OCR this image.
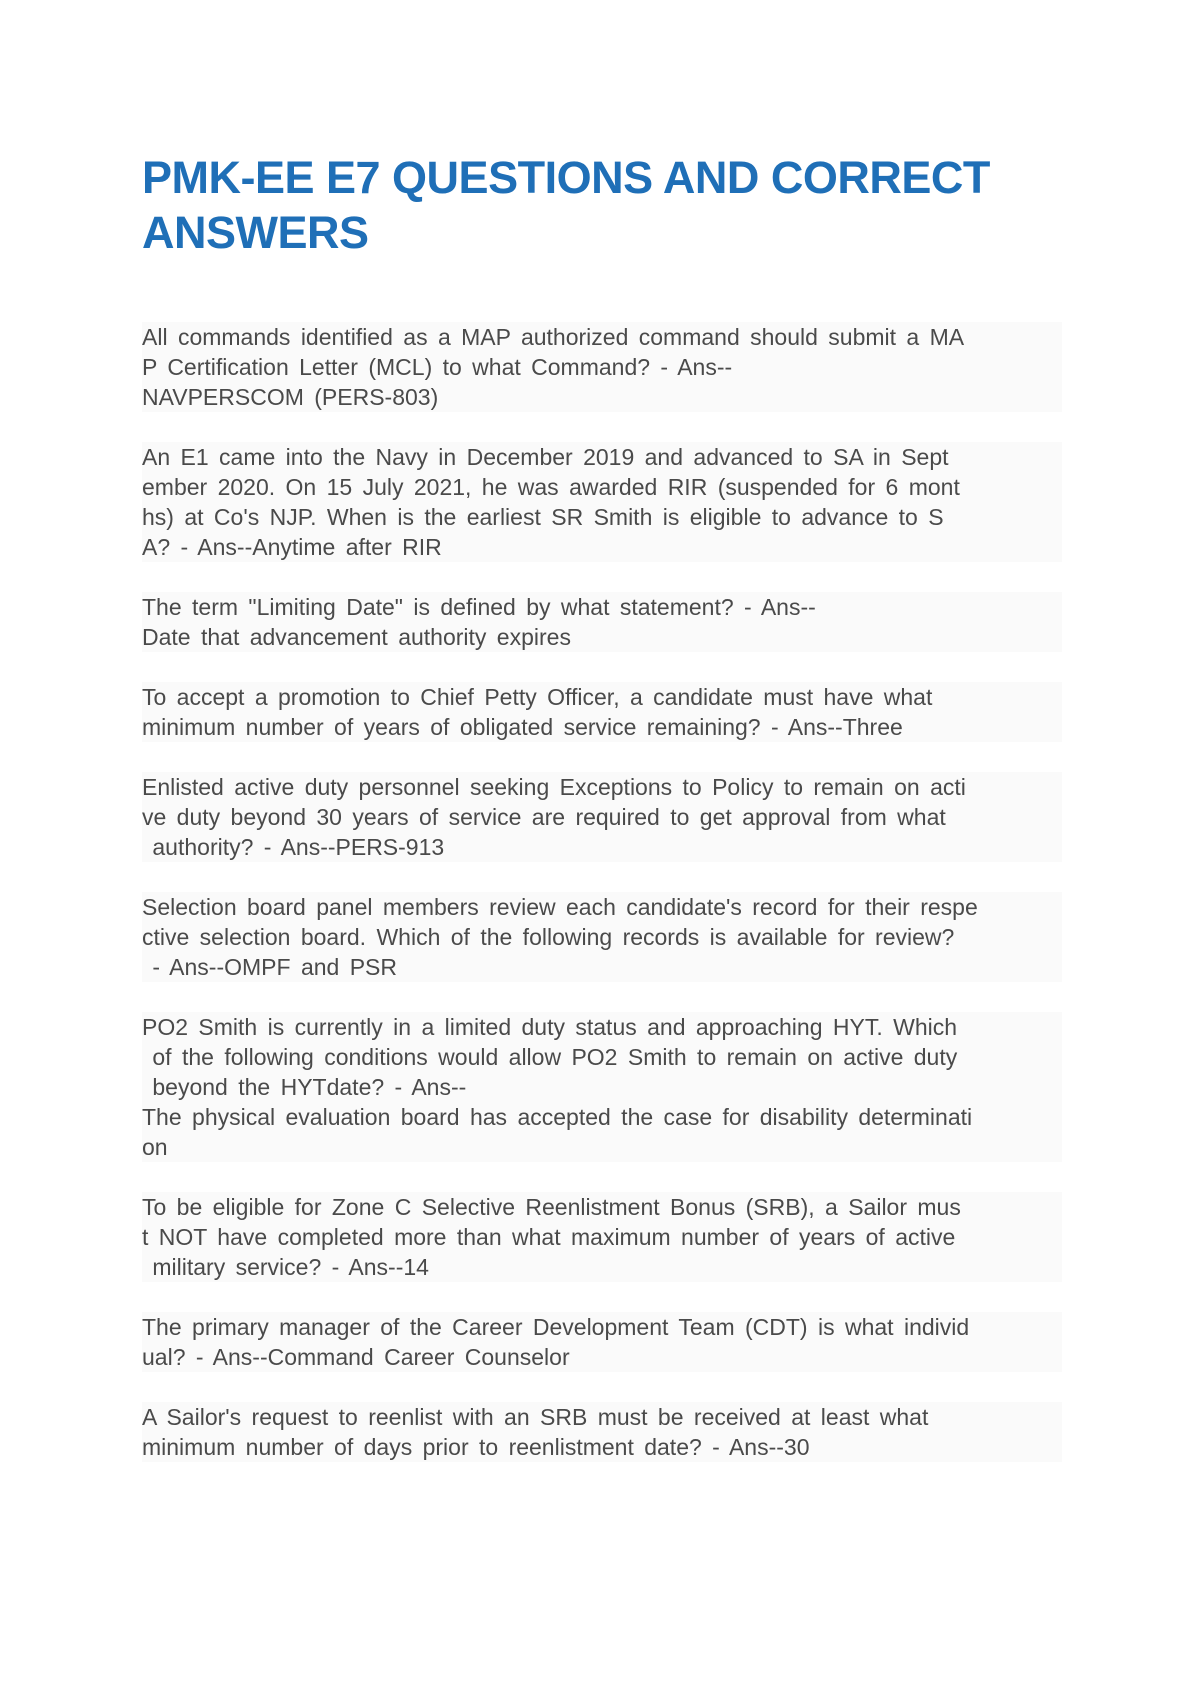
PMK-EE E7 QUESTIONS AND CORRECT ANSWERS

All commands identified as a MAP authorized command should submit a MA
P Certification Letter (MCL) to what Command? - Ans--
NAVPERSCOM (PERS-803)

An E1 came into the Navy in December 2019 and advanced to SA in Sept
ember 2020. On 15 July 2021, he was awarded RIR (suspended for 6 mont
hs) at Co's NJP. When is the earliest SR Smith is eligible to advance to S
A? - Ans--Anytime after RIR

The term "Limiting Date" is defined by what statement? - Ans--
Date that advancement authority expires

To accept a promotion to Chief Petty Officer, a candidate must have what
minimum number of years of obligated service remaining? - Ans--Three

Enlisted active duty personnel seeking Exceptions to Policy to remain on acti
ve duty beyond 30 years of service are required to get approval from what
authority? - Ans--PERS-913

Selection board panel members review each candidate's record for their respe
ctive selection board. Which of the following records is available for review?
- Ans--OMPF and PSR

PO2 Smith is currently in a limited duty status and approaching HYT. Which
of the following conditions would allow PO2 Smith to remain on active duty
beyond the HYTdate? - Ans--
The physical evaluation board has accepted the case for disability determinati
on

To be eligible for Zone C Selective Reenlistment Bonus (SRB), a Sailor mus
t NOT have completed more than what maximum number of years of active
military service? - Ans--14

The primary manager of the Career Development Team (CDT) is what individ
ual? - Ans--Command Career Counselor

A Sailor's request to reenlist with an SRB must be received at least what
minimum number of days prior to reenlistment date? - Ans--30
